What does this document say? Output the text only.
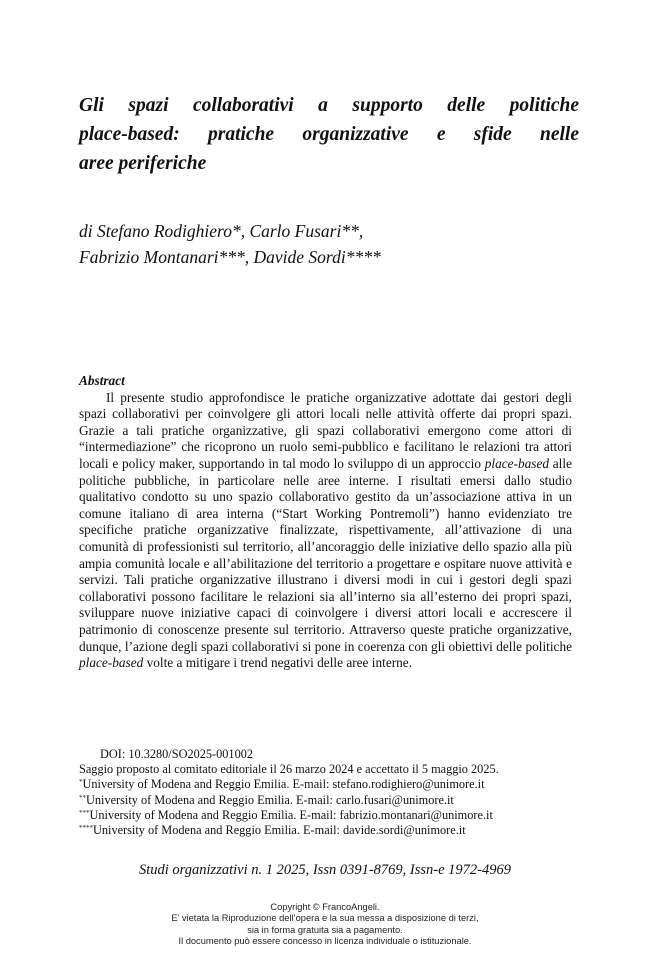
Gli spazi collaborativi a supporto delle politiche
place-based: pratiche organizzative e sfide nelle
aree periferiche
di Stefano Rodighiero*, Carlo Fusari**,
Fabrizio Montanari***, Davide Sordi****

Abstract

Il presente studio approfondisce le pratiche organizzative adottate dai gestori degli spazi collaborativi per coinvolgere gli attori locali nelle attività offerte dai propri spazi. Grazie a tali pratiche organizzative, gli spazi collaborativi emergono come attori di “intermediazione” che ricoprono un ruolo semi-pubblico e facilitano le relazioni tra attori locali e policy maker, supportando in tal modo lo sviluppo di un approccio place-based alle politiche pubbliche, in particolare nelle aree interne. I risultati emersi dallo studio qualitativo condotto su uno spazio collaborativo gestito da un’associazione attiva in un comune italiano di area interna (“Start Working Pontremoli”) hanno evidenziato tre specifiche pratiche organizzative finalizzate, rispettivamente, all’attivazione di una comunità di professionisti sul territorio, all’ancoraggio delle iniziative dello spazio alla più ampia comunità locale e all’abilitazione del territorio a progettare e ospitare nuove attività e servizi. Tali pratiche organizzative illustrano i diversi modi in cui i gestori degli spazi collaborativi possono facilitare le relazioni sia all’interno sia all’esterno dei propri spazi, sviluppare nuove iniziative capaci di coinvolgere i diversi attori locali e accrescere il patrimonio di conoscenze presente sul territorio. Attraverso queste pratiche organizzative, dunque, l’azione degli spazi collaborativi si pone in coerenza con gli obiettivi delle politiche place-based volte a mitigare i trend negativi delle aree interne.

DOI: 10.3280/SO2025-001002
Saggio proposto al comitato editoriale il 26 marzo 2024 e accettato il 5 maggio 2025.
*University of Modena and Reggio Emilia. E-mail: stefano.rodighiero@unimore.it
**University of Modena and Reggio Emilia. E-mail: carlo.fusari@unimore.it
***University of Modena and Reggio Emilia. E-mail: fabrizio.montanari@unimore.it
****University of Modena and Reggio Emilia. E-mail: davide.sordi@unimore.it
Studi organizzativi n. 1 2025, Issn 0391-8769, Issn-e 1972-4969
Copyright © FrancoAngeli.
E’ vietata la Riproduzione dell’opera e la sua messa a disposizione di terzi,
sia in forma gratuita sia a pagamento.
Il documento può essere concesso in licenza individuale o istituzionale.
